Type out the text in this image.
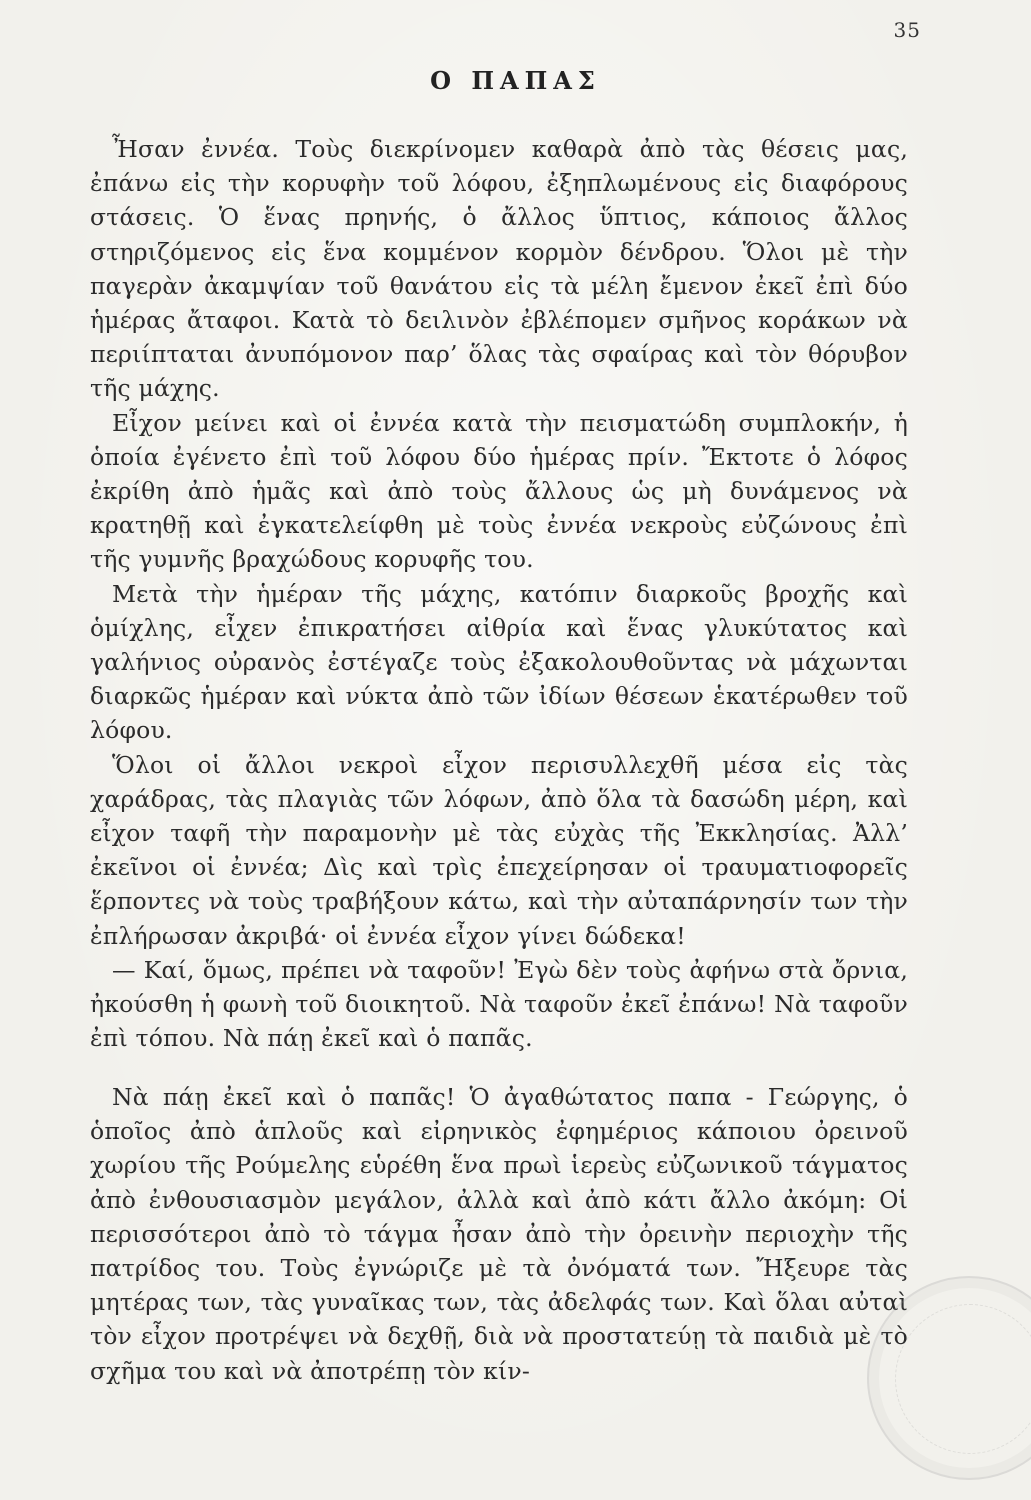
35
Ο ΠΑΠΑΣ

Ἦσαν ἐννέα. Τοὺς διεκρίνομεν καθαρὰ ἀπὸ τὰς θέσεις μας, ἐπάνω εἰς τὴν κορυφὴν τοῦ λόφου, ἐξηπλωμένους εἰς διαφόρους στάσεις. Ὁ ἕνας πρηνής, ὁ ἄλλος ὕπτιος, κάποιος ἄλλος στηριζόμενος εἰς ἕνα κομμένον κορμὸν δένδρου. Ὅλοι μὲ τὴν παγερὰν ἀκαμψίαν τοῦ θανάτου εἰς τὰ μέλη ἔμενον ἐκεῖ ἐπὶ δύο ἡμέρας ἄταφοι. Κατὰ τὸ δειλινὸν ἐβλέπομεν σμῆνος κοράκων νὰ περιίπταται ἀνυπόμονον παρ’ ὅλας τὰς σφαίρας καὶ τὸν θόρυβον τῆς μάχης.

Εἶχον μείνει καὶ οἱ ἐννέα κατὰ τὴν πεισματώδη συμπλοκήν, ἡ ὁποία ἐγένετο ἐπὶ τοῦ λόφου δύο ἡμέρας πρίν. Ἔκτοτε ὁ λόφος ἐκρίθη ἀπὸ ἡμᾶς καὶ ἀπὸ τοὺς ἄλλους ὡς μὴ δυνάμενος νὰ κρατηθῇ καὶ ἐγκατελείφθη μὲ τοὺς ἐννέα νεκροὺς εὐζώνους ἐπὶ τῆς γυμνῆς βραχώδους κορυφῆς του.

Μετὰ τὴν ἡμέραν τῆς μάχης, κατόπιν διαρκοῦς βροχῆς καὶ ὁμίχλης, εἶχεν ἐπικρατήσει αἰθρία καὶ ἕνας γλυκύτατος καὶ γαλήνιος οὐρανὸς ἐστέγαζε τοὺς ἐξακολουθοῦντας νὰ μάχωνται διαρκῶς ἡμέραν καὶ νύκτα ἀπὸ τῶν ἰδίων θέσεων ἑκατέρωθεν τοῦ λόφου.

Ὅλοι οἱ ἄλλοι νεκροὶ εἶχον περισυλλεχθῆ μέσα εἰς τὰς χαράδρας, τὰς πλαγιὰς τῶν λόφων, ἀπὸ ὅλα τὰ δασώδη μέρη, καὶ εἶχον ταφῆ τὴν παραμονὴν μὲ τὰς εὐχὰς τῆς Ἐκκλησίας. Ἀλλ’ ἐκεῖνοι οἱ ἐννέα; Δὶς καὶ τρὶς ἐπεχείρησαν οἱ τραυματιοφορεῖς ἕρποντες νὰ τοὺς τραβήξουν κάτω, καὶ τὴν αὐταπάρνησίν των τὴν ἐπλήρωσαν ἀκριβά· οἱ ἐννέα εἶχον γίνει δώδεκα!

— Καί, ὅμως, πρέπει νὰ ταφοῦν! Ἐγὼ δὲν τοὺς ἀφήνω στὰ ὄρνια, ἠκούσθη ἡ φωνὴ τοῦ διοικητοῦ. Νὰ ταφοῦν ἐκεῖ ἐπάνω! Νὰ ταφοῦν ἐπὶ τόπου. Νὰ πάῃ ἐκεῖ καὶ ὁ παπᾶς.

Νὰ πάῃ ἐκεῖ καὶ ὁ παπᾶς! Ὁ ἀγαθώτατος παπα - Γεώργης, ὁ ὁποῖος ἀπὸ ἁπλοῦς καὶ εἰρηνικὸς ἐφημέριος κάποιου ὀρεινοῦ χωρίου τῆς Ρούμελης εὑρέθη ἕνα πρωὶ ἱερεὺς εὐζωνικοῦ τάγματος ἀπὸ ἐνθουσιασμὸν μεγάλον, ἀλλὰ καὶ ἀπὸ κάτι ἄλλο ἀκόμη: Οἱ περισσότεροι ἀπὸ τὸ τάγμα ἦσαν ἀπὸ τὴν ὀρεινὴν περιοχὴν τῆς πατρίδος του. Τοὺς ἐγνώριζε μὲ τὰ ὀνόματά των. Ἤξευρε τὰς μητέρας των, τὰς γυναῖκας των, τὰς ἀδελφάς των. Καὶ ὅλαι αὐταὶ τὸν εἶχον προτρέψει νὰ δεχθῇ, διὰ νὰ προστατεύῃ τὰ παιδιὰ μὲ τὸ σχῆμα του καὶ νὰ ἀποτρέπῃ τὸν κίν-
